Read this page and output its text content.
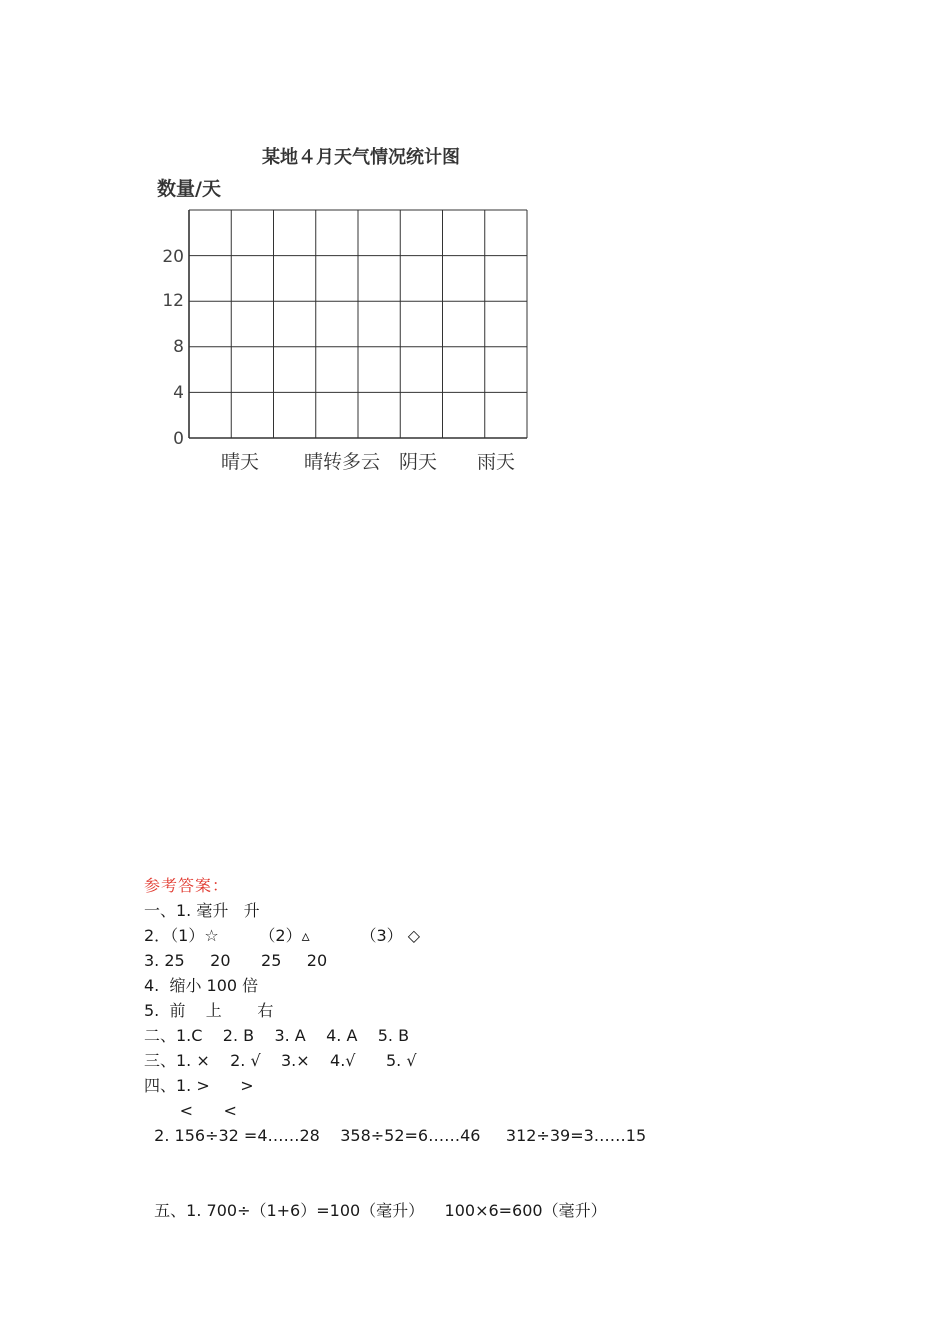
某地４月天气情况统计图
数量/天
0
4
8
12
20
晴天 晴转多云 阴天 雨天
参考答案：
一、1. 毫升   升
2．（1）☆        （2）▵          （3） ◇
3. 25     20      25     20
4.  缩小 100 倍
5.  前    上       右
二、1.C    2. B    3. A    4. A    5. B
三、1. ×    2. √    3.×    4.√      5. √
四、1. >      >
<      <
2. 156÷32 =4……28    358÷52=6……46     312÷39=3……15
五、1. 700÷（1+6）=100（毫升）    100×6=600（毫升）
